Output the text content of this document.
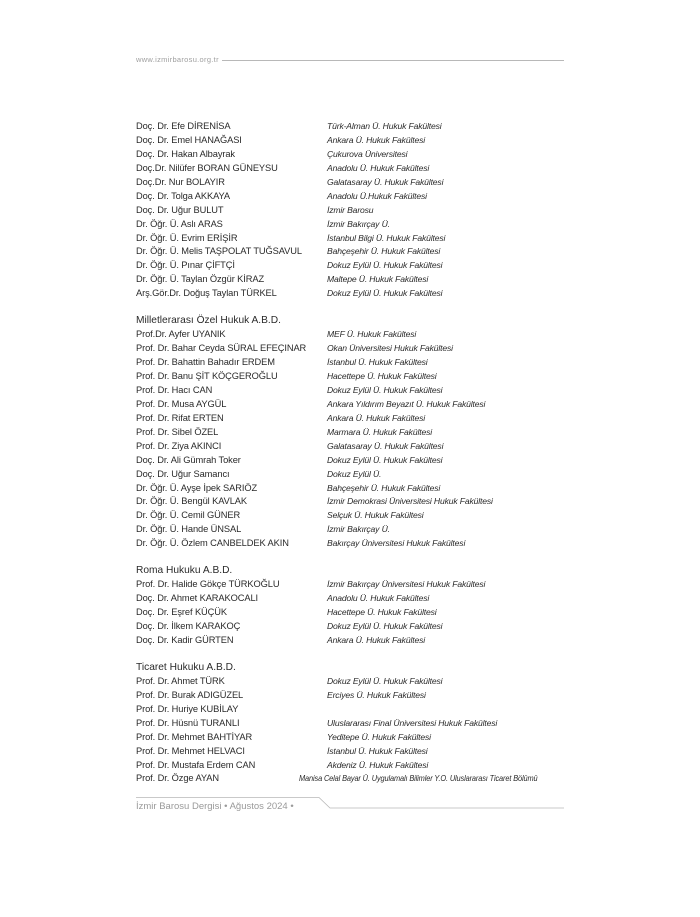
www.izmirbarosu.org.tr
Doç. Dr. Efe DİRENİSA	Türk-Alman Ü. Hukuk Fakültesi
Doç. Dr. Emel HANAĞASI	Ankara Ü. Hukuk Fakültesi
Doç. Dr. Hakan Albayrak	Çukurova Üniversitesi
Doç.Dr. Nilüfer BORAN GÜNEYSU	Anadolu Ü. Hukuk Fakültesi
Doç.Dr. Nur BOLAYIR	Galatasaray Ü. Hukuk Fakültesi
Doç. Dr. Tolga AKKAYA	Anadolu Ü.Hukuk Fakültesi
Doç. Dr. Uğur BULUT	İzmir Barosu
Dr. Öğr. Ü. Aslı ARAS	İzmir Bakırçay Ü.
Dr. Öğr. Ü. Evrim ERİŞİR	İstanbul Bilgi Ü. Hukuk Fakültesi
Dr. Öğr. Ü. Melis TAŞPOLAT TUĞSAVUL	Bahçeşehir Ü. Hukuk Fakültesi
Dr. Öğr. Ü. Pınar ÇİFTÇİ	Dokuz Eylül Ü. Hukuk Fakültesi
Dr. Öğr. Ü. Taylan Özgür KİRAZ	Maltepe Ü. Hukuk Fakültesi
Arş.Gör.Dr. Doğuş Taylan TÜRKEL	Dokuz Eylül Ü. Hukuk Fakültesi
Milletlerarası Özel Hukuk A.B.D.
Prof.Dr. Ayfer UYANIK	MEF Ü. Hukuk Fakültesi
Prof. Dr. Bahar Ceyda SÜRAL EFEÇINAR	Okan Üniversitesi Hukuk Fakültesi
Prof. Dr. Bahattin Bahadır ERDEM	İstanbul Ü. Hukuk Fakültesi
Prof. Dr. Banu ŞİT KÖÇGEROĞLU	Hacettepe Ü. Hukuk Fakültesi
Prof. Dr. Hacı CAN	Dokuz Eylül Ü. Hukuk Fakültesi
Prof. Dr. Musa AYGÜL	Ankara Yıldırım Beyazıt Ü. Hukuk Fakültesi
Prof. Dr. Rifat ERTEN	Ankara Ü. Hukuk Fakültesi
Prof. Dr. Sibel ÖZEL	Marmara Ü. Hukuk Fakültesi
Prof. Dr. Ziya AKINCI	Galatasaray Ü. Hukuk Fakültesi
Doç. Dr. Ali Gümrah Toker	Dokuz Eylül Ü. Hukuk Fakültesi
Doç. Dr. Uğur Samancı	Dokuz Eylül Ü.
Dr. Öğr. Ü. Ayşe İpek SARIÖZ	Bahçeşehir Ü. Hukuk Fakültesi
Dr. Öğr. Ü. Bengül KAVLAK	İzmir Demokrasi Üniversitesi Hukuk Fakültesi
Dr. Öğr. Ü. Cemil GÜNER	Selçuk Ü. Hukuk Fakültesi
Dr. Öğr. Ü. Hande ÜNSAL	İzmir Bakırçay Ü.
Dr. Öğr. Ü. Özlem CANBELDEK AKIN	Bakırçay Üniversitesi Hukuk Fakültesi
Roma Hukuku A.B.D.
Prof. Dr. Halide Gökçe TÜRKOĞLU	İzmir Bakırçay Üniversitesi Hukuk Fakültesi
Doç. Dr. Ahmet KARAKOCALI	Anadolu Ü. Hukuk Fakültesi
Doç. Dr. Eşref KÜÇÜK	Hacettepe Ü. Hukuk Fakültesi
Doç. Dr. İlkem KARAKOÇ	Dokuz Eylül Ü. Hukuk Fakültesi
Doç. Dr. Kadir GÜRTEN	Ankara Ü. Hukuk Fakültesi
Ticaret Hukuku A.B.D.
Prof. Dr. Ahmet TÜRK	Dokuz Eylül Ü. Hukuk Fakültesi
Prof. Dr. Burak ADIGÜZEL	Erciyes Ü. Hukuk Fakültesi
Prof. Dr. Huriye KUBİLAY
Prof. Dr. Hüsnü TURANLI	Uluslararası Final Üniversitesi Hukuk Fakültesi
Prof. Dr. Mehmet BAHTİYAR	Yeditepe Ü. Hukuk Fakültesi
Prof. Dr. Mehmet HELVACI	İstanbul Ü. Hukuk Fakültesi
Prof. Dr. Mustafa Erdem CAN	Akdeniz Ü. Hukuk Fakültesi
Prof. Dr. Özge AYAN	Manisa Celal Bayar Ü. Uygulamalı Bilimler Y.O. Uluslararası Ticaret Bölümü
İzmir Barosu Dergisi • Ağustos 2024 •
